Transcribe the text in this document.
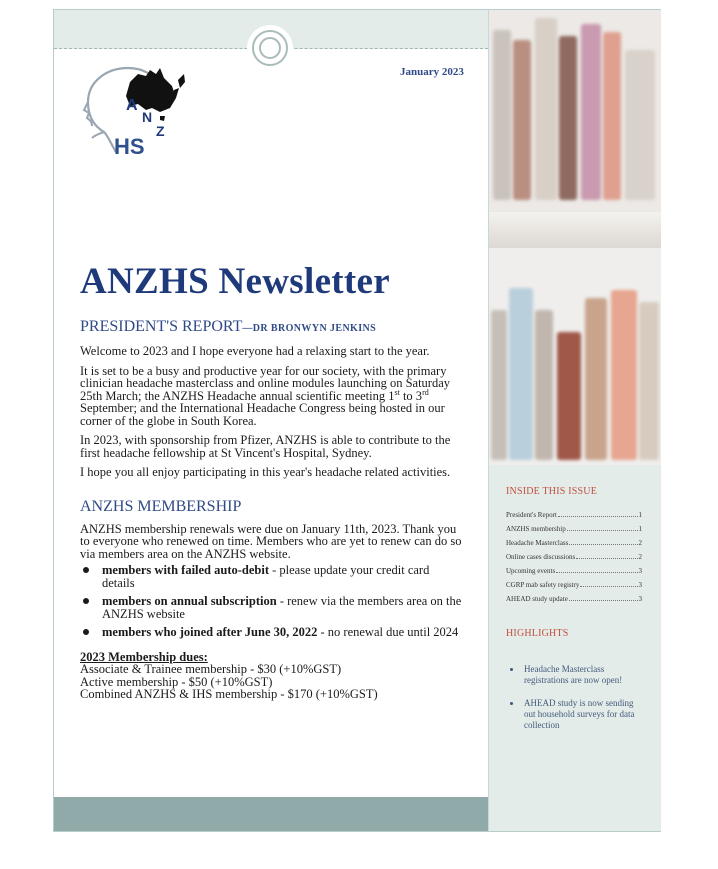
January 2023
A
N
Z
HS
ANZHS Newsletter
PRESIDENT'S REPORT—DR BRONWYN JENKINS

Welcome to 2023 and I hope everyone had a relaxing start to the year.

It is set to be a busy and productive year for our society, with the primary clinician headache masterclass and online modules launching on Saturday 25th March; the ANZHS Headache annual scientific meeting 1st to 3rd September; and the International Headache Congress being hosted in our corner of the globe in South Korea.

In 2023, with sponsorship from Pfizer, ANZHS is able to contribute to the first headache fellowship at St Vincent's Hospital, Sydney.

I hope you all enjoy participating in this year's headache related activities.

ANZHS MEMBERSHIP

ANZHS membership renewals were due on January 11th, 2023. Thank you to everyone who renewed on time. Members who are yet to renew can do so via members area on the ANZHS website.

members with failed auto-debit - please update your credit card details
members on annual subscription - renew via the members area on the ANZHS website
members who joined after June 30, 2022 - no renewal due until 2024
2023 Membership dues:
Associate & Trainee membership - $30 (+10%GST)
Active membership - $50 (+10%GST)
Combined ANZHS & IHS membership - $170 (+10%GST)
INSIDE THIS ISSUE
President's Report	1
ANZHS membership	1
Headache Masterclass	2
Online cases discussions	2
Upcoming events	3
CGRP mab safety registry	3
AHEAD study update	3
HIGHLIGHTS
Headache Masterclass registrations are now open!
AHEAD study is now sending out household surveys for data collection
